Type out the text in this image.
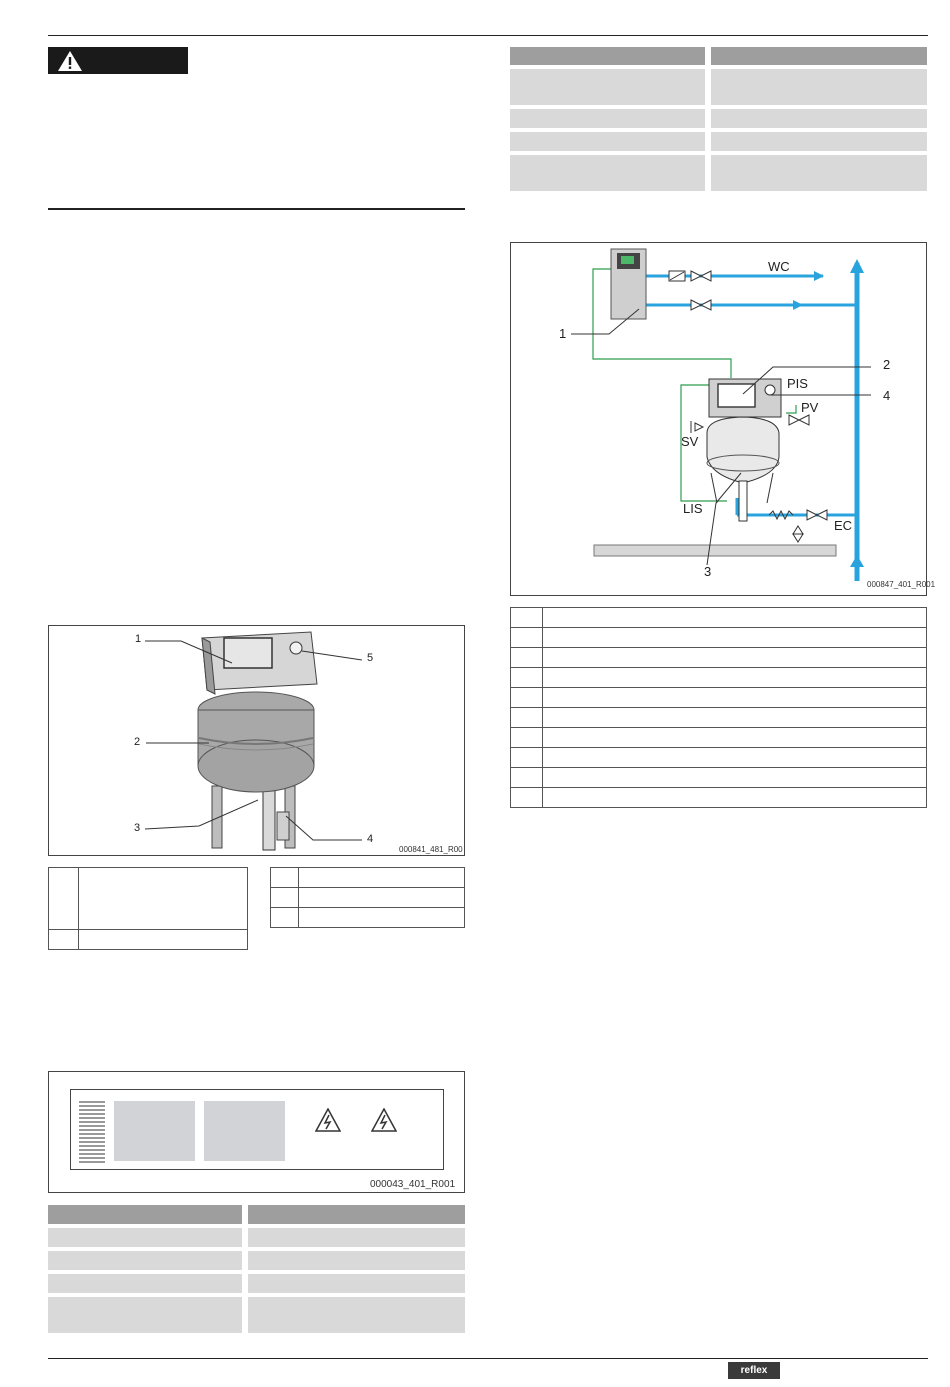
WC
PIS
PV
SV
LIS
EC
1
2
4
3
000847_401_R001

1
5
2
3
4
000841_481_R00

000043_401_R001
reflex
